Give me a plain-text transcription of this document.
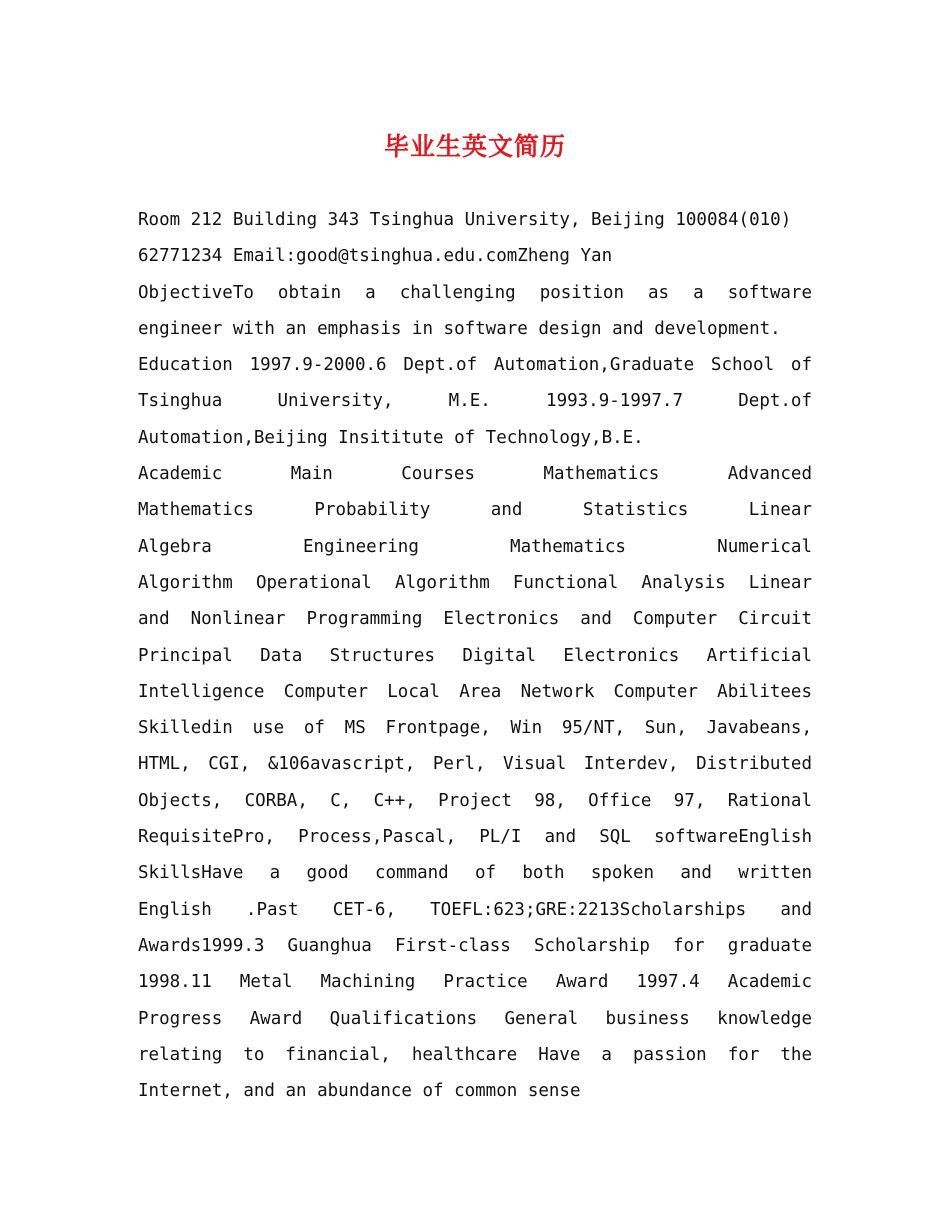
毕业生英文简历
Room 212 Building 343 Tsinghua University, Beijing 100084(010)
62771234 Email:good@tsinghua.edu.comZheng Yan
ObjectiveTo obtain a challenging position as a software
engineer with an emphasis in software design and development.
Education 1997.9-2000.6 Dept.of Automation,Graduate School of
Tsinghua University, M.E. 1993.9-1997.7 Dept.of
Automation,Beijing Insititute of Technology,B.E.
Academic Main Courses Mathematics Advanced
Mathematics Probability and Statistics Linear
Algebra Engineering Mathematics Numerical
Algorithm Operational Algorithm Functional Analysis Linear
and Nonlinear Programming Electronics and Computer Circuit
Principal Data Structures Digital Electronics Artificial
Intelligence Computer Local Area Network Computer Abilitees
Skilledin use of MS Frontpage, Win 95/NT, Sun, Javabeans,
HTML, CGI, &106avascript, Perl, Visual Interdev, Distributed
Objects, CORBA, C, C++, Project 98, Office 97, Rational
RequisitePro, Process,Pascal, PL/I and SQL softwareEnglish
SkillsHave a good command of both spoken and written
English .Past CET-6, TOEFL:623;GRE:2213Scholarships and
Awards1999.3 Guanghua First-class Scholarship for graduate
1998.11 Metal Machining Practice Award 1997.4 Academic
Progress Award Qualifications General business knowledge
relating to financial, healthcare Have a passion for the
Internet, and an abundance of common sense
